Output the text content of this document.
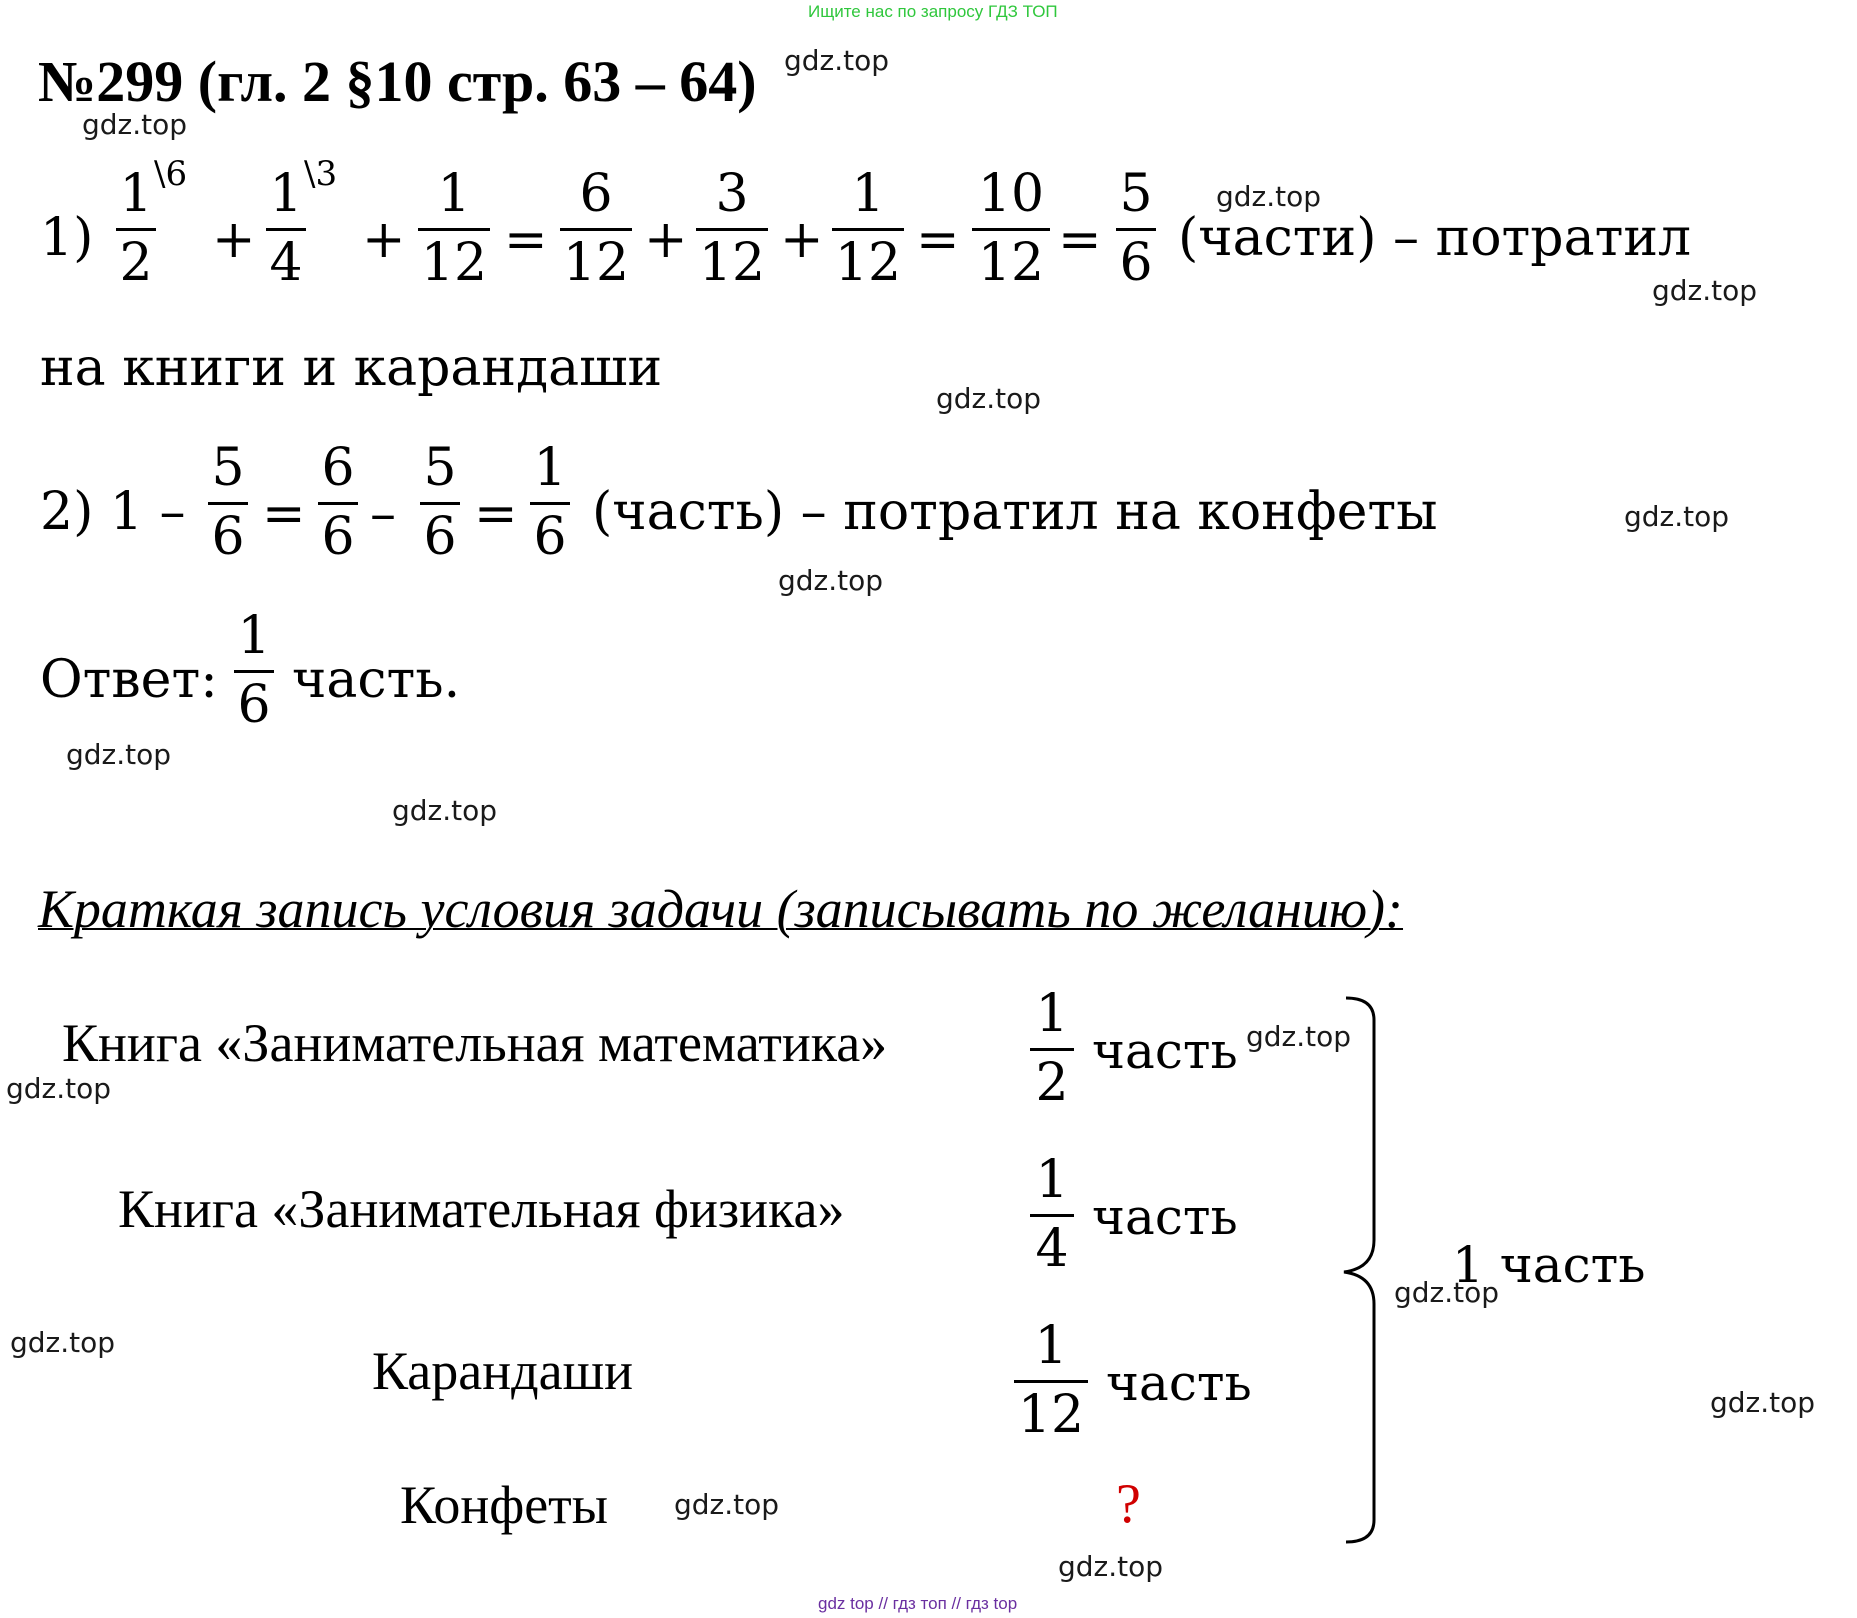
Ищите нас по запросу ГДЗ ТОП
№299 (гл. 2 §10 стр. 63 – 64)
1)
1
2
\6
+
1
4
\3
+
1
12 =
6
12 +
3
12 +
1
12 =
10
12 =
5
6 (части) – потратил
на книги и карандаши
2) 1 –
5
6 =
6
6 –
5
6 =
1
6 (часть) – потратил на конфеты
Ответ:
1
6 часть.
Краткая запись условия задачи (записывать по желанию):
Книга «Занимательная математика»	1
2
часть
Книга «Занимательная физика»	1
4
часть
Карандаши	1
12
часть
Конфеты	?
1 часть
gdz.top
gdz.top
gdz.top
gdz.top
gdz.top
gdz.top
gdz.top
gdz.top
gdz.top
gdz.top
gdz.top
gdz.top
gdz.top
gdz.top
gdz.top
gdz.top
gdz top // гдз топ // гдз top
